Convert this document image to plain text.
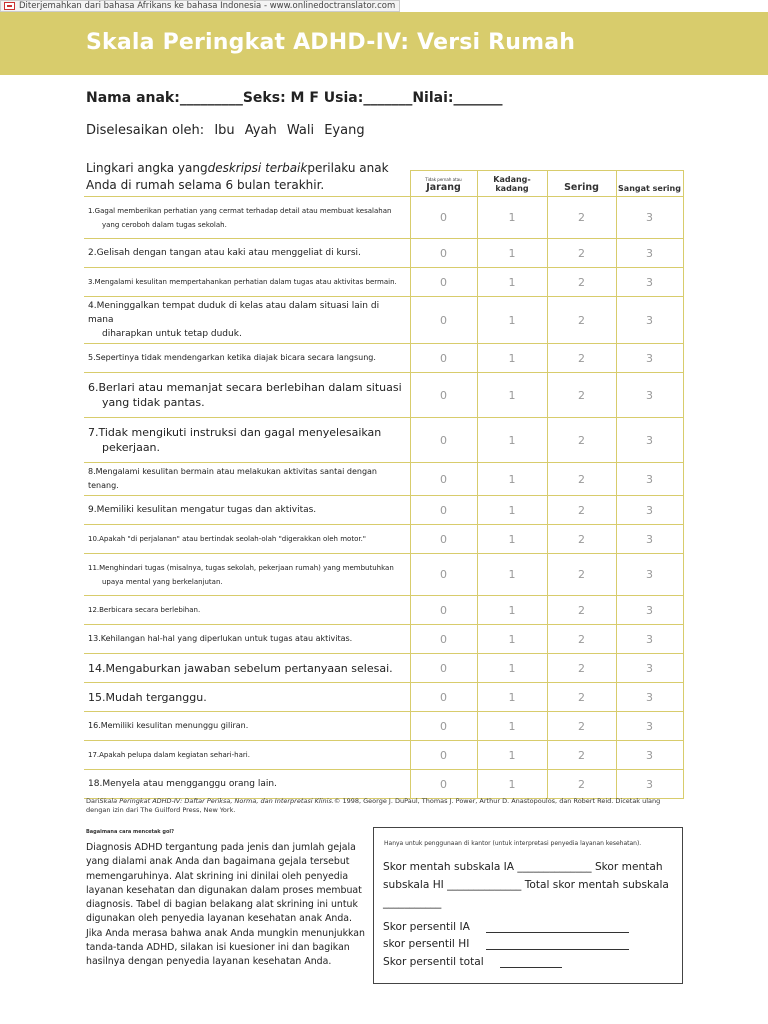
Diterjemahkan dari bahasa Afrikans ke bahasa Indonesia - www.onlinedoctranslator.com
Skala Peringkat ADHD-IV: Versi Rumah
Nama anak:_________Seks: M F Usia:_______Nilai:_______
Diselesaikan oleh: Ibu Ayah Wali Eyang
Lingkari angka yangdeskripsi terbaikperilaku anak Anda di rumah selama 6 bulan terakhir.

	Tidak pernah atau
Jarang	Kadang-kadang	Sering	Sangat sering
1.Gagal memberikan perhatian yang cermat terhadap detail atau membuat kesalahan
yang ceroboh dalam tugas sekolah.	0	1	2	3
2.Gelisah dengan tangan atau kaki atau menggeliat di kursi.	0	1	2	3
3.Mengalami kesulitan mempertahankan perhatian dalam tugas atau aktivitas bermain.	0	1	2	3
4.Meninggalkan tempat duduk di kelas atau dalam situasi lain di mana
diharapkan untuk tetap duduk.	0	1	2	3
5.Sepertinya tidak mendengarkan ketika diajak bicara secara langsung.	0	1	2	3
6.Berlari atau memanjat secara berlebihan dalam situasi
yang tidak pantas.	0	1	2	3
7.Tidak mengikuti instruksi dan gagal menyelesaikan
pekerjaan.	0	1	2	3
8.Mengalami kesulitan bermain atau melakukan aktivitas santai dengan tenang.	0	1	2	3
9.Memiliki kesulitan mengatur tugas dan aktivitas.	0	1	2	3
10.Apakah "di perjalanan" atau bertindak seolah-olah "digerakkan oleh motor."	0	1	2	3
11.Menghindari tugas (misalnya, tugas sekolah, pekerjaan rumah) yang membutuhkan
upaya mental yang berkelanjutan.	0	1	2	3
12.Berbicara secara berlebihan.	0	1	2	3
13.Kehilangan hal-hal yang diperlukan untuk tugas atau aktivitas.	0	1	2	3
14.Mengaburkan jawaban sebelum pertanyaan selesai.	0	1	2	3
15.Mudah terganggu.	0	1	2	3
16.Memiliki kesulitan menunggu giliran.	0	1	2	3
17.Apakah pelupa dalam kegiatan sehari-hari.	0	1	2	3
18.Menyela atau mengganggu orang lain.	0	1	2	3
DariSkala Peringkat ADHD-IV: Daftar Periksa, Norma, dan Interpretasi Klinis.© 1998, George J. DuPaul, Thomas J. Power, Arthur D. Anastopoulos, dan Robert Reid. Dicetak ulang dengan izin dari The Guilford Press, New York.
Bagaimana cara mencetak gol?
Diagnosis ADHD tergantung pada jenis dan jumlah gejala yang dialami anak Anda dan bagaimana gejala tersebut memengaruhinya. Alat skrining ini dinilai oleh penyedia layanan kesehatan dan digunakan dalam proses membuat diagnosis. Tabel di bagian belakang alat skrining ini untuk digunakan oleh penyedia layanan kesehatan anak Anda. Jika Anda merasa bahwa anak Anda mungkin menunjukkan tanda-tanda ADHD, silakan isi kuesioner ini dan bagikan hasilnya dengan penyedia layanan kesehatan Anda.
Hanya untuk penggunaan di kantor (untuk interpretasi penyedia layanan kesehatan).
Skor mentah subskala IA ______________ Skor mentah subskala HI ______________ Total skor mentah subskala ___________
Skor persentil IA
skor persentil HI
Skor persentil total
